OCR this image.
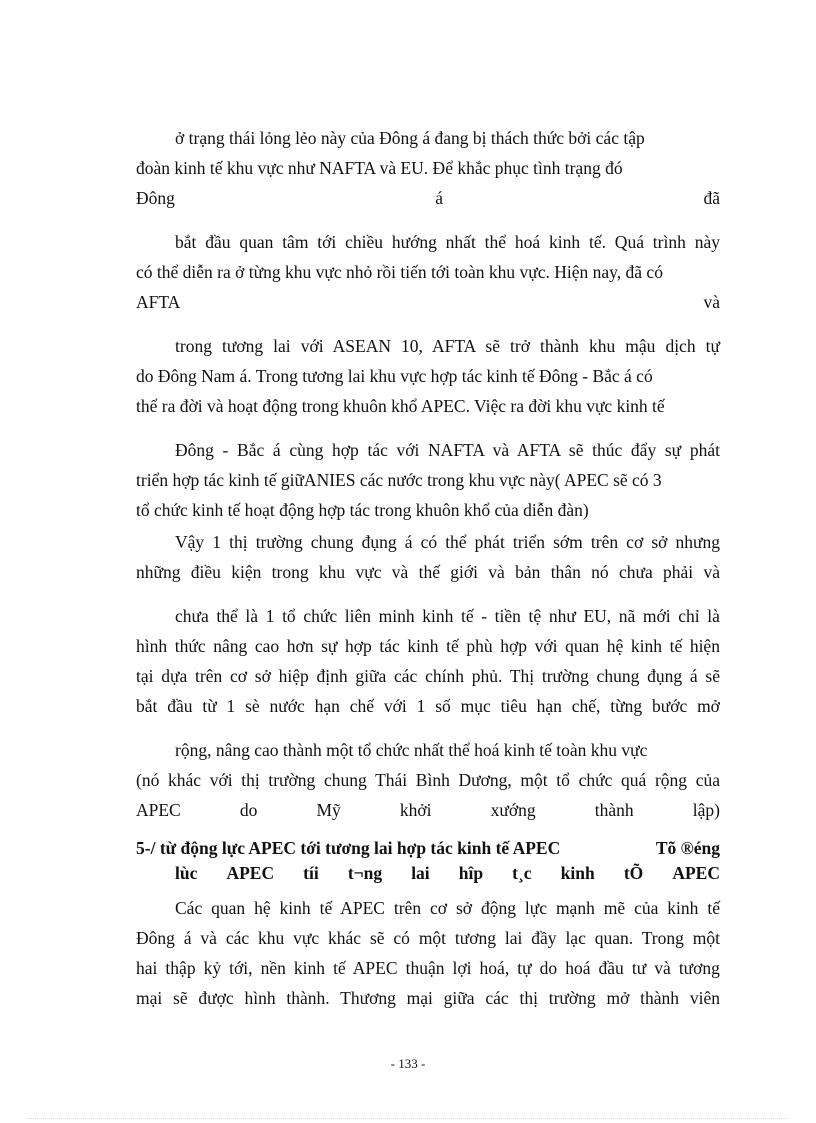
ở trạng thái lỏng lẻo này của Đông á đang bị thách thức bởi các tập
đoàn kinh tế khu vực như NAFTA và EU. Để khắc phục tình trạng đó
Đông	á	đã
bắt đầu quan tâm tới chiều hướng nhất thể hoá kinh tế. Quá trình này
có thể diễn ra ở từng khu vực nhỏ rồi tiến tới toàn khu vực. Hiện nay, đã có
AFTA	và
trong tương lai với ASEAN 10, AFTA sẽ trở thành khu mậu dịch tự
do Đông Nam á. Trong tương lai khu vực hợp tác kinh tế Đông - Bắc á có
thể ra đời và hoạt động trong khuôn khổ APEC. Việc ra đời khu vực kinh tế
Đông - Bắc á cùng hợp tác với NAFTA và AFTA sẽ thúc đẩy sự phát
triển hợp tác kinh tế giữANIES các nước trong khu vực này( APEC sẽ có 3
tổ chức kinh tế hoạt động hợp tác trong khuôn khổ của diễn đàn)
Vậy 1 thị trường chung đụng á có thể phát triển sớm trên cơ sở nhưng
những điều kiện trong khu vực và thế giới và bản thân nó chưa phải và
chưa thể là 1 tổ chức liên minh kinh tế - tiền tệ như EU, nã mới chỉ là
hình thức nâng cao hơn sự hợp tác kinh tế phù hợp với quan hệ kinh tế hiện
tại dựa trên cơ sở hiệp định giữa các chính phủ. Thị trường chung đụng á sẽ
bắt đầu từ 1 sè nước hạn chế với 1 số mục tiêu hạn chế, từng bước mở
rộng, nâng cao thành một tổ chức nhất thể hoá kinh tế toàn khu vực
(nó khác với thị trường chung Thái Bình Dương, một tổ chức quá rộng của
APEC	do	Mỹ	khởi	xướng	thành	lập)
5-/ từ động lực APEC tới tương lai hợp tác kinh tế APEC	Tõ ®éng
lùc APEC tíi t¬ng lai hîp t¸c kinh tÕ APEC
Các quan hệ kinh tế APEC trên cơ sở động lực mạnh mẽ của kinh tế
Đông á và các khu vực khác sẽ có một tương lai đầy lạc quan. Trong một
hai thập kỷ tới, nền kinh tế APEC thuận lợi hoá, tự do hoá đầu tư và tương
mại sẽ được hình thành. Thương mại giữa các thị trường mở thành viên
- 133 -
